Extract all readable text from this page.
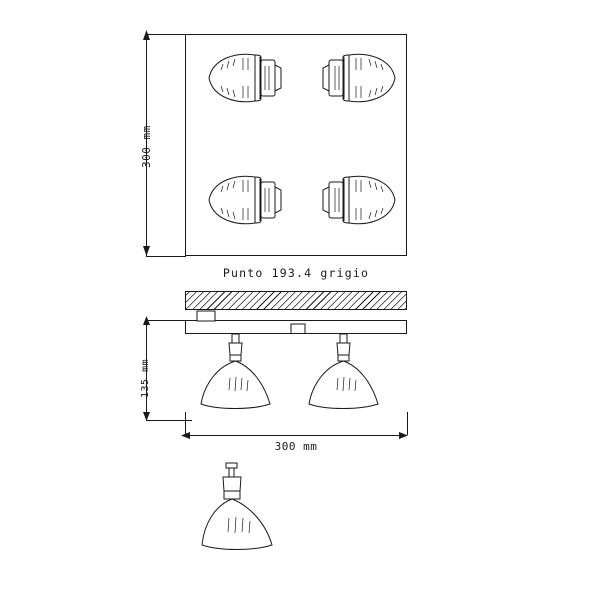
300 mm
Punto 193.4 grigio
135 mm
300 mm
